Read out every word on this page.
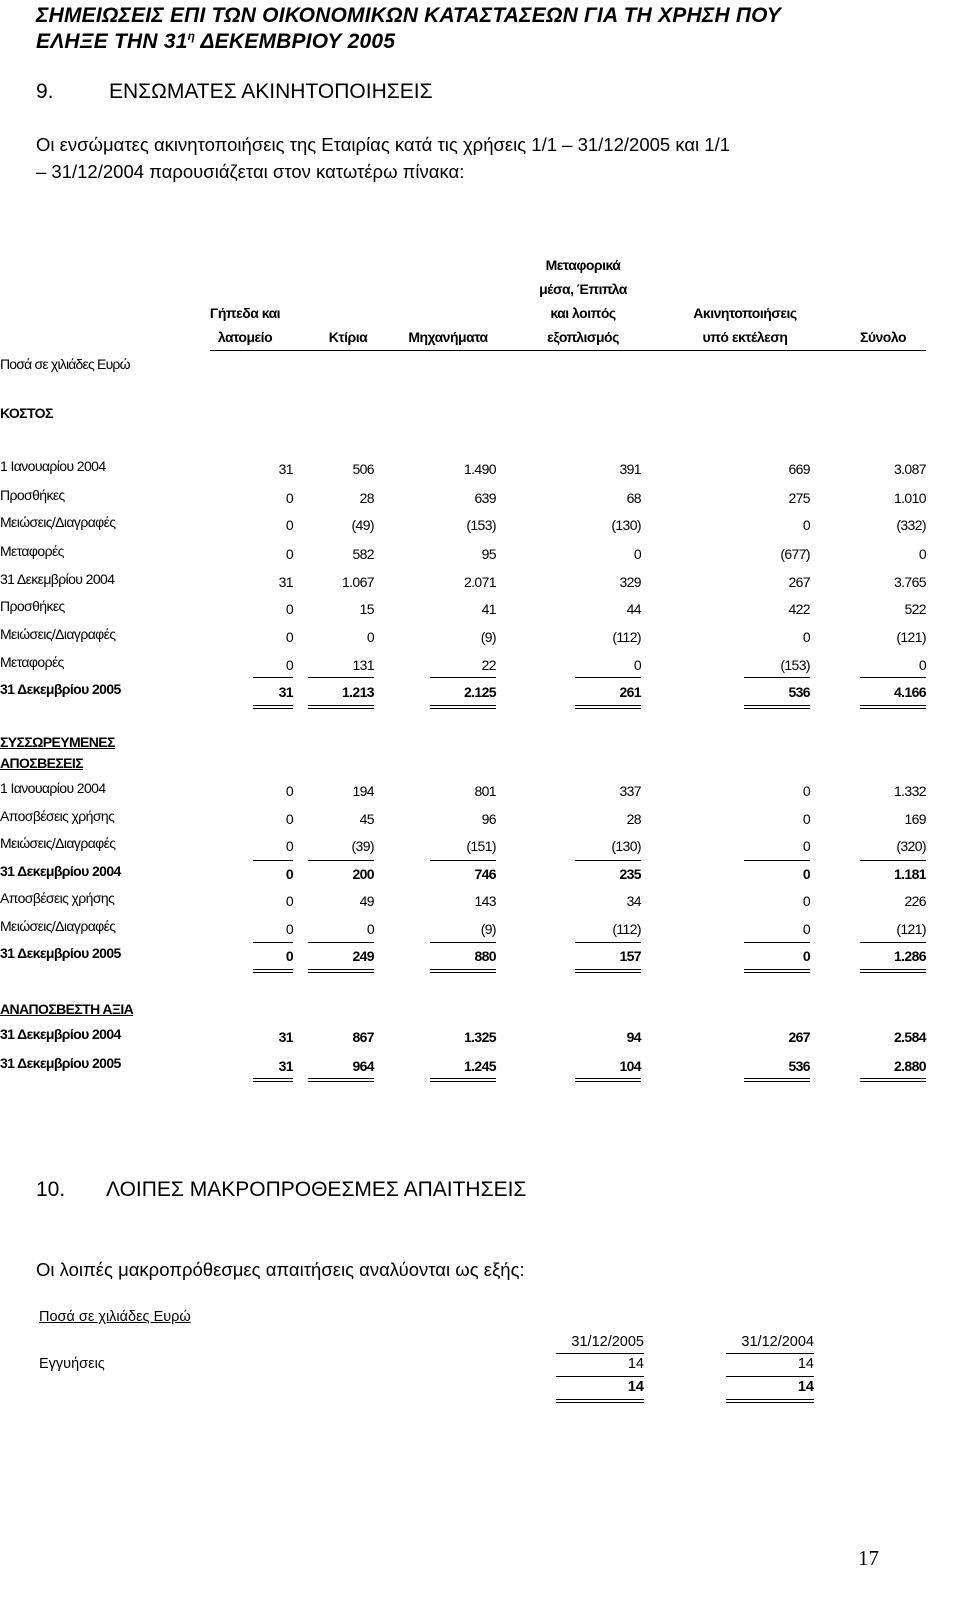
ΣΗΜΕΙΩΣΕΙΣ ΕΠΙ ΤΩΝ ΟΙΚΟΝΟΜΙΚΩΝ ΚΑΤΑΣΤΑΣΕΩΝ ΓΙΑ ΤΗ ΧΡΗΣΗ ΠΟΥ
ΕΛΗΞΕ ΤΗΝ $31^\eta$ ΔΕΚΕΜΒΡΙΟΥ 2005
9.	ΕΝΣΩΜΑΤΕΣ ΑΚΙΝΗΤΟΠΟΙΗΣΕΙΣ
Οι ενσώματες ακινητοποιήσεις της Εταιρίας κατά τις χρήσεις 1/1 – 31/12/2005 και 1/1
– 31/12/2004 παρουσιάζεται στον κατωτέρω πίνακα:
Γήπεδα και
λατομείο	Κτίρια	Μηχανήματα
Μεταφορικά
μέσα, Έπιπλα
και λοιπός
εξοπλισμός
Ακινητοποιήσεις
υπό εκτέλεση	Σύνολο
Ποσά σε χιλιάδες Ευρώ
ΚΟΣΤΟΣ
1 Ιανουαρίου 2004	31	506	1.490	391	669	3.087
Προσθήκες	0	28	639	68	275	1.010
Μειώσεις/Διαγραφές	0	(49)	(153)	(130)	0	(332)
Μεταφορές	0	582	95	0	(677)	0
31 Δεκεμβρίου 2004	31	1.067	2.071	329	267	3.765
Προσθήκες	0	15	41	44	422	522
Μειώσεις/Διαγραφές	0	0	(9)	(112)	0	(121)
Μεταφορές	0	131	22	0	(153)	0
31 Δεκεμβρίου 2005	31	1.213	2.125	261	536	4.166
ΣΥΣΣΩΡΕΥΜΕΝΕΣ
ΑΠΟΣΒΕΣΕΙΣ
1 Ιανουαρίου 2004	0	194	801	337	0	1.332
Αποσβέσεις χρήσης	0	45	96	28	0	169
Μειώσεις/Διαγραφές	0	(39)	(151)	(130)	0	(320)
31 Δεκεμβρίου 2004	0	200	746	235	0	1.181
Αποσβέσεις χρήσης	0	49	143	34	0	226
Μειώσεις/Διαγραφές	0	0	(9)	(112)	0	(121)
31 Δεκεμβρίου 2005	0	249	880	157	0	1.286
ΑΝΑΠΟΣΒΕΣΤΗ ΑΞΙΑ
31 Δεκεμβρίου 2004	31	867	1.325	94	267	2.584
31 Δεκεμβρίου 2005	31	964	1.245	104	536	2.880
10. ΛΟΙΠΕΣ ΜΑΚΡΟΠΡΟΘΕΣΜΕΣ ΑΠΑΙΤΗΣΕΙΣ
Οι λοιπές μακροπρόθεσμες απαιτήσεις αναλύονται ως εξής:
Ποσά σε χιλιάδες Ευρώ
31/12/2005	31/12/2004
Εγγυήσεις	14	14
14	14
17
